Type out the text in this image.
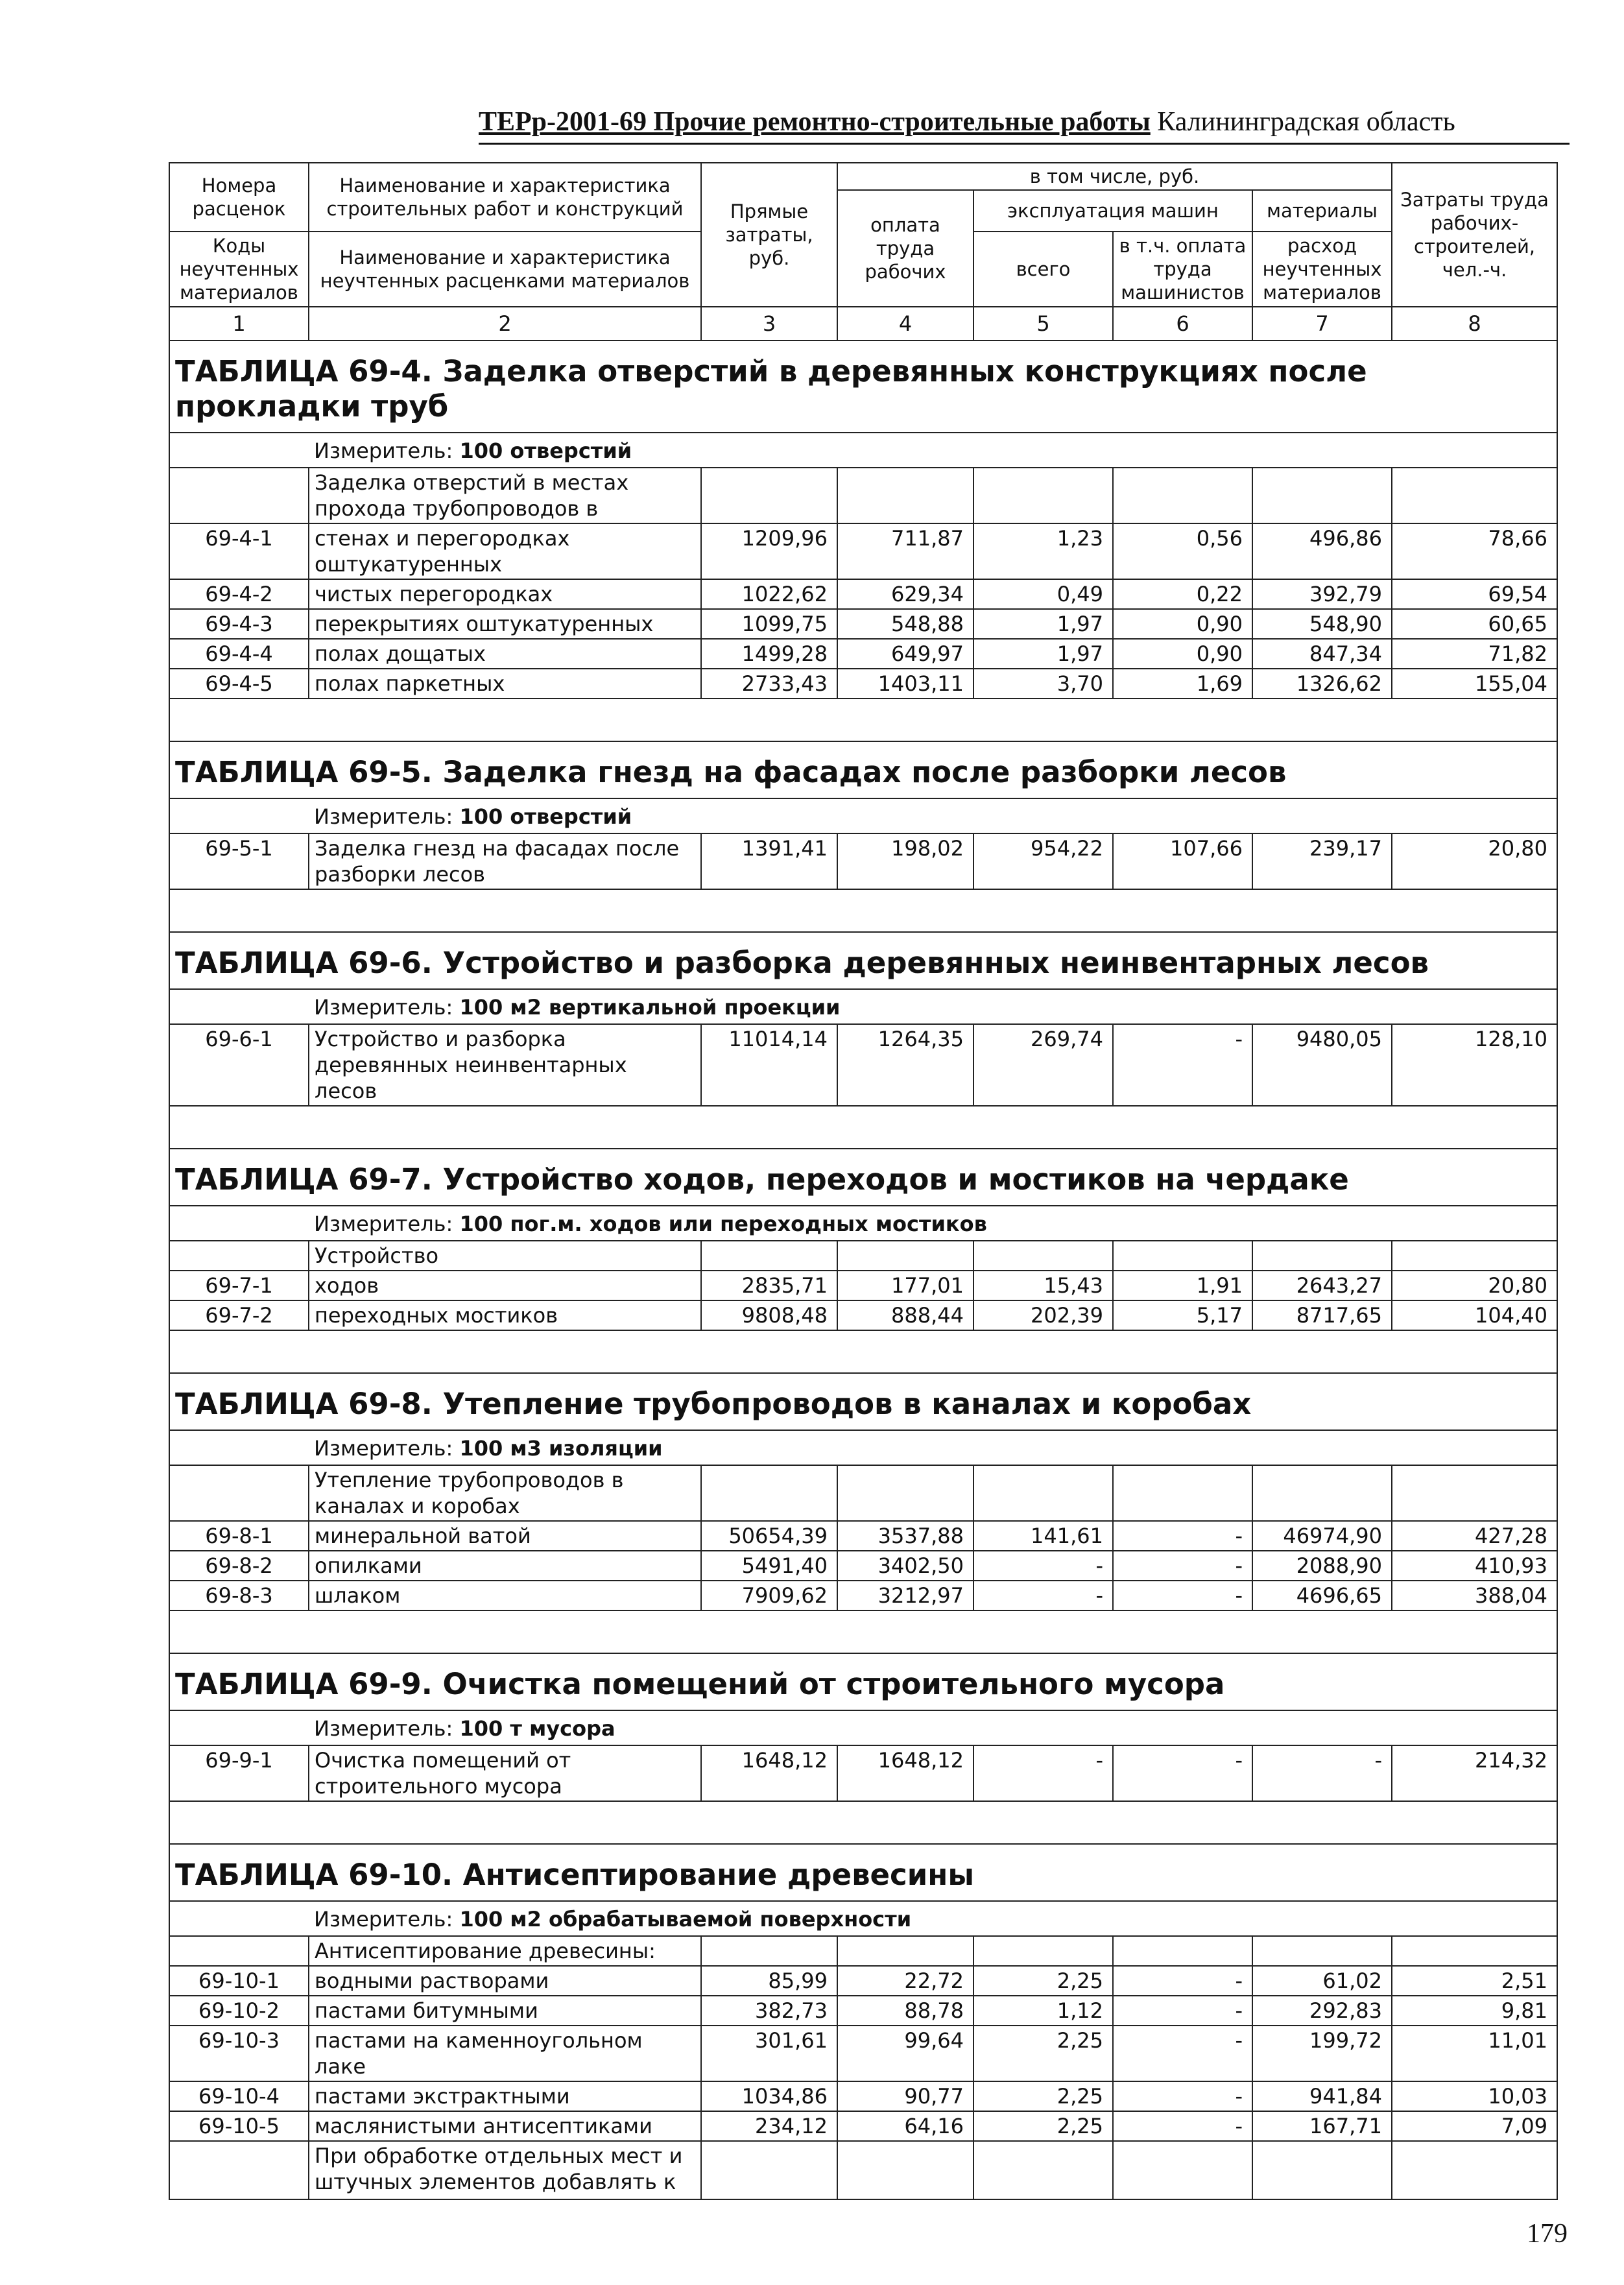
ТЕРр-2001-69 Прочие ремонтно-строительные работы Калининградская область
Номера расценок	Наименование и характеристика строительных работ и конструкций	Прямые затраты, руб.	в том числе, руб.				Затраты труда рабочих-строителей, чел.-ч.
			оплата труда рабочих	эксплуатация машин		материалы	
Коды неучтенных материалов	Наименование и характеристика неучтенных расценками материалов			всего	в т.ч. оплата труда машинистов	расход неучтенных материалов	

1	2	3	4	5	6	7	8
ТАБЛИЦА 69-4. Заделка отверстий в деревянных конструкциях после прокладки труб							
	Измеритель: 100 отверстий						
	Заделка отверстий в местах прохода трубопроводов в						
69-4-1	стенах и перегородках оштукатуренных	1209,96	711,87	1,23	0,56	496,86	78,66
69-4-2	чистых перегородках	1022,62	629,34	0,49	0,22	392,79	69,54
69-4-3	перекрытиях оштукатуренных	1099,75	548,88	1,97	0,90	548,90	60,65
69-4-4	полах дощатых	1499,28	649,97	1,97	0,90	847,34	71,82
69-4-5	полах паркетных	2733,43	1403,11	3,70	1,69	1326,62	155,04

ТАБЛИЦА 69-5. Заделка гнезд на фасадах после разборки лесов							
	Измеритель: 100 отверстий						
69-5-1	Заделка гнезд на фасадах после разборки лесов	1391,41	198,02	954,22	107,66	239,17	20,80

ТАБЛИЦА 69-6. Устройство и разборка деревянных неинвентарных лесов							
	Измеритель: 100 м2 вертикальной проекции						
69-6-1	Устройство и разборка деревянных неинвентарных лесов	11014,14	1264,35	269,74	-	9480,05	128,10

ТАБЛИЦА 69-7. Устройство ходов, переходов и мостиков на чердаке							
	Измеритель: 100 пог.м. ходов или переходных мостиков						
	Устройство						
69-7-1	ходов	2835,71	177,01	15,43	1,91	2643,27	20,80
69-7-2	переходных мостиков	9808,48	888,44	202,39	5,17	8717,65	104,40

ТАБЛИЦА 69-8. Утепление трубопроводов в каналах и коробах							
	Измеритель: 100 м3 изоляции						
	Утепление трубопроводов в каналах и коробах						
69-8-1	минеральной ватой	50654,39	3537,88	141,61	-	46974,90	427,28
69-8-2	опилками	5491,40	3402,50	-	-	2088,90	410,93
69-8-3	шлаком	7909,62	3212,97	-	-	4696,65	388,04

ТАБЛИЦА 69-9. Очистка помещений от строительного мусора							
	Измеритель: 100 т мусора						
69-9-1	Очистка помещений от строительного мусора	1648,12	1648,12	-	-	-	214,32

ТАБЛИЦА 69-10. Антисептирование древесины							
	Измеритель: 100 м2 обрабатываемой поверхности						
	Антисептирование древесины:						
69-10-1	водными растворами	85,99	22,72	2,25	-	61,02	2,51
69-10-2	пастами битумными	382,73	88,78	1,12	-	292,83	9,81
69-10-3	пастами на каменноугольном лаке	301,61	99,64	2,25	-	199,72	11,01
69-10-4	пастами экстрактными	1034,86	90,77	2,25	-	941,84	10,03
69-10-5	маслянистыми антисептиками	234,12	64,16	2,25	-	167,71	7,09
	При обработке отдельных мест и штучных элементов добавлять к						
179
